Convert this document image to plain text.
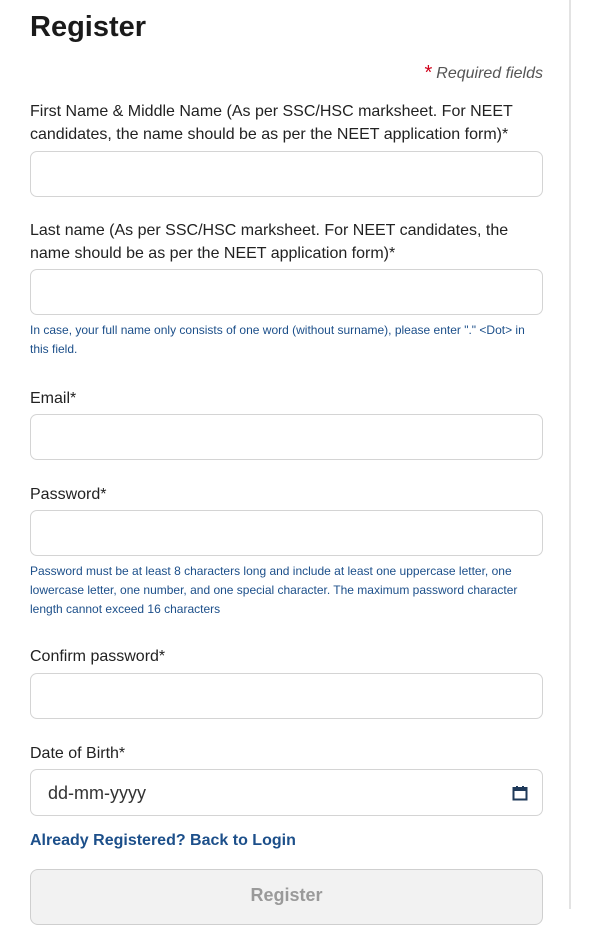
Register
* Required fields
First Name & Middle Name (As per SSC/HSC marksheet. For NEET candidates, the name should be as per the NEET application form)*
Last name (As per SSC/HSC marksheet. For NEET candidates, the name should be as per the NEET application form)*
In case, your full name only consists of one word (without surname), please enter "." <Dot> in this field.
Email*
Password*
Password must be at least 8 characters long and include at least one uppercase letter, one lowercase letter, one number, and one special character. The maximum password character length cannot exceed 16 characters
Confirm password*
Date of Birth*
dd-mm-yyyy
Already Registered? Back to Login
Register
